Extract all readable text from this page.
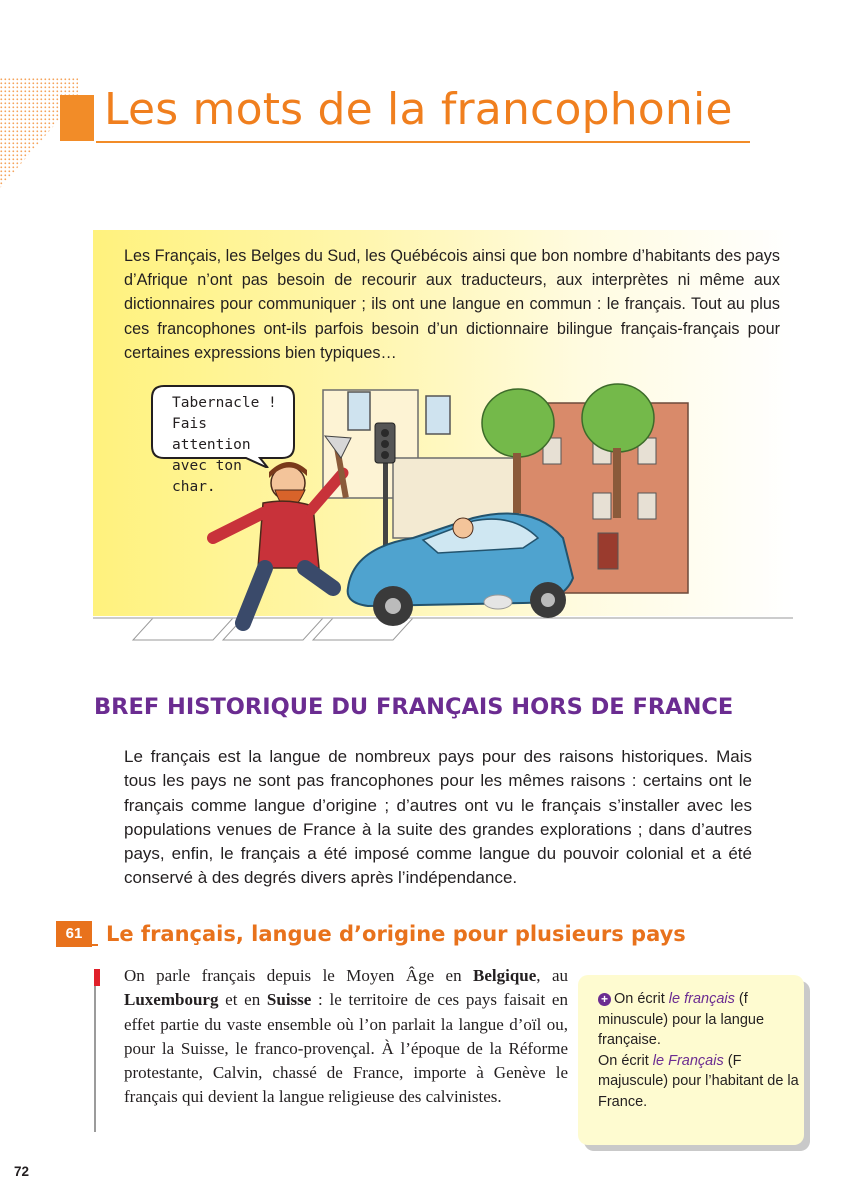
Les mots de la francophonie
Les Français, les Belges du Sud, les Québécois ainsi que bon nombre d’habitants des pays d’Afrique n’ont pas besoin de recourir aux traducteurs, aux interprètes ni même aux dictionnaires pour communiquer ; ils ont une langue en commun : le français. Tout au plus ces francophones ont-ils parfois besoin d’un dictionnaire bilingue français-français pour certaines expressions bien typiques…
Tabernacle !
Fais attention
avec ton char.
BREF HISTORIQUE DU FRANÇAIS HORS DE FRANCE
Le français est la langue de nombreux pays pour des raisons historiques. Mais tous les pays ne sont pas francophones pour les mêmes raisons : certains ont le français comme langue d’origine ; d’autres ont vu le français s’installer avec les populations venues de France à la suite des grandes explorations ; dans d’autres pays, enfin, le français a été imposé comme langue du pouvoir colonial et a été conservé à des degrés divers après l’indépendance.
61	Le français, langue d’origine pour plusieurs pays
On parle français depuis le Moyen Âge en Belgique, au Luxembourg et en Suisse : le territoire de ces pays faisait en effet partie du vaste ensemble où l’on parlait la langue d’oïl ou, pour la Suisse, le franco-provençal. À l’époque de la Réforme protestante, Calvin, chassé de France, importe à Genève le français qui devient la langue religieuse des calvinistes.
+ On écrit le français (f minuscule) pour la langue française.
On écrit le Français (F majuscule) pour l’habitant de la France.
72
